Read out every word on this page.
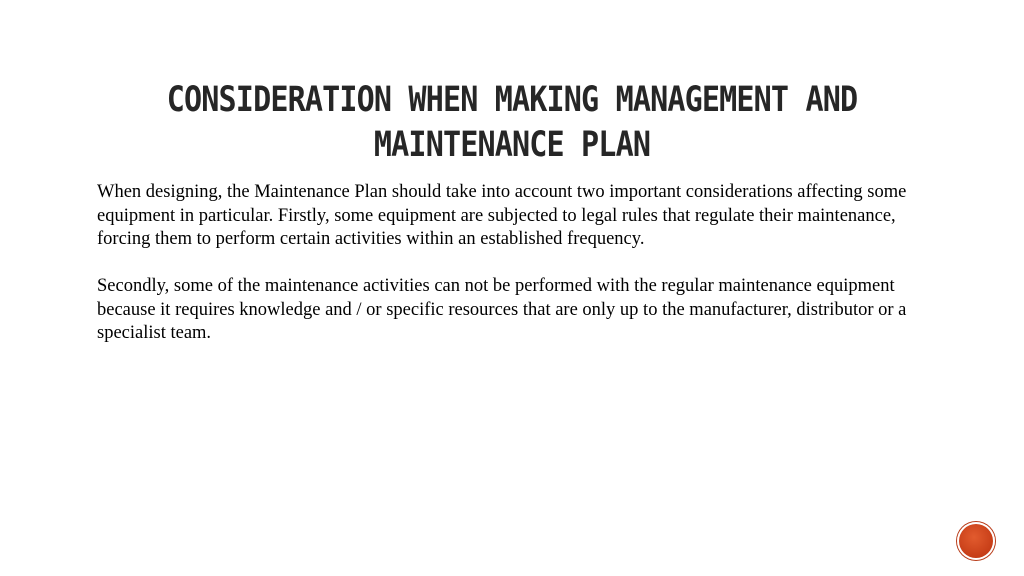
CONSIDERATION WHEN MAKING MANAGEMENT AND
MAINTENANCE PLAN

When designing, the Maintenance Plan should take into account two important considerations affecting some equipment in particular. Firstly, some equipment are subjected to legal rules that regulate their maintenance, forcing them to perform certain activities within an established frequency.

Secondly, some of the maintenance activities can not be performed with the regular maintenance equipment because it requires knowledge and / or specific resources that are only up to the manufacturer, distributor or a specialist team.
